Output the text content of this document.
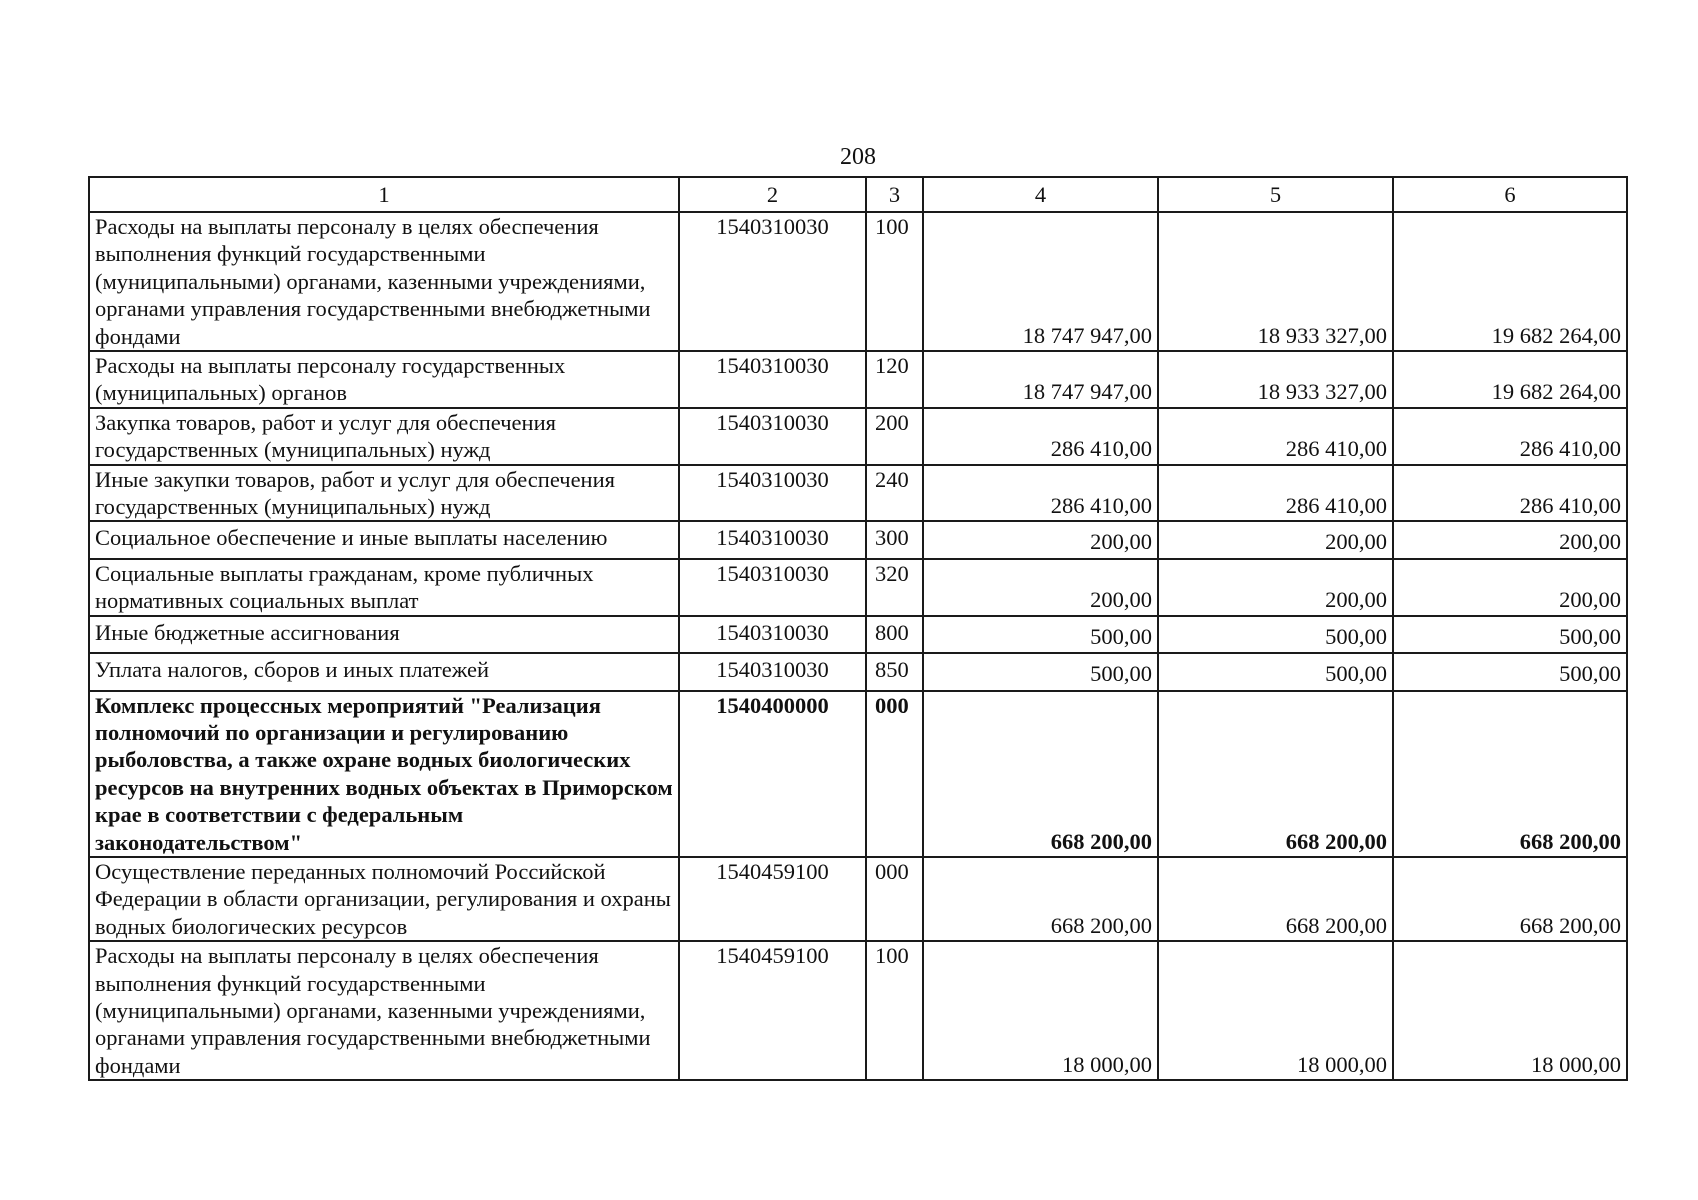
208
1	2	3	4	5	6
Расходы на выплаты персоналу в целях обеспечения выполнения функций государственными (муниципальными) органами, казенными учреждениями, органами управления государственными внебюджетными фондами	1540310030	100	18 747 947,00	18 933 327,00	19 682 264,00
Расходы на выплаты персоналу государственных (муниципальных) органов	1540310030	120	18 747 947,00	18 933 327,00	19 682 264,00
Закупка товаров, работ и услуг для обеспечения государственных (муниципальных) нужд	1540310030	200	286 410,00	286 410,00	286 410,00
Иные закупки товаров, работ и услуг для обеспечения государственных (муниципальных) нужд	1540310030	240	286 410,00	286 410,00	286 410,00
Социальное обеспечение и иные выплаты населению	1540310030	300	200,00	200,00	200,00
Социальные выплаты гражданам, кроме публичных нормативных социальных выплат	1540310030	320	200,00	200,00	200,00
Иные бюджетные ассигнования	1540310030	800	500,00	500,00	500,00
Уплата налогов, сборов и иных платежей	1540310030	850	500,00	500,00	500,00
Комплекс процессных мероприятий "Реализация полномочий по организации и регулированию рыболовства, а также охране водных биологических ресурсов на внутренних водных объектах в Приморском крае в соответствии с федеральным законодательством"	1540400000	000	668 200,00	668 200,00	668 200,00
Осуществление переданных полномочий Российской Федерации в области организации, регулирования и охраны водных биологических ресурсов	1540459100	000	668 200,00	668 200,00	668 200,00
Расходы на выплаты персоналу в целях обеспечения выполнения функций государственными (муниципальными) органами, казенными учреждениями, органами управления государственными внебюджетными фондами	1540459100	100	18 000,00	18 000,00	18 000,00
